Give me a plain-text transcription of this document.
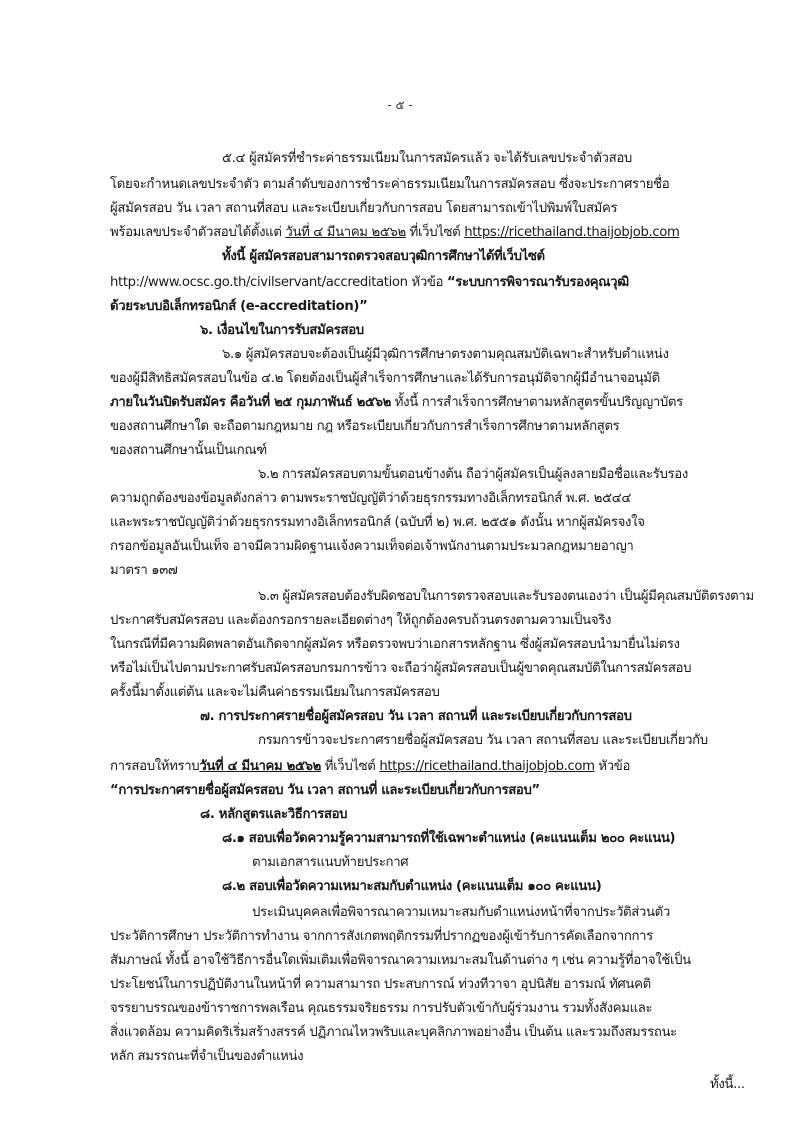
- ๕ -
๕.๔ ผู้สมัครที่ชำระค่าธรรมเนียมในการสมัครแล้ว จะได้รับเลขประจำตัวสอบ
โดยจะกำหนดเลขประจำตัว ตามลำดับของการชำระค่าธรรมเนียมในการสมัครสอบ ซึ่งจะประกาศรายชื่อ
ผู้สมัครสอบ วัน เวลา สถานที่สอบ และระเบียบเกี่ยวกับการสอบ โดยสามารถเข้าไปพิมพ์ใบสมัคร
พร้อมเลขประจำตัวสอบได้ตั้งแต่ วันที่ ๔ มีนาคม ๒๕๖๒ ที่เว็บไซต์ https://ricethailand.thaijobjob.com
ทั้งนี้ ผู้สมัครสอบสามารถตรวจสอบวุฒิการศึกษาได้ที่เว็บไซต์
http://www.ocsc.go.th/civilservant/accreditation หัวข้อ “ระบบการพิจารณารับรองคุณวุฒิ
ด้วยระบบอิเล็กทรอนิกส์ (e-accreditation)”
๖. เงื่อนไขในการรับสมัครสอบ
๖.๑ ผู้สมัครสอบจะต้องเป็นผู้มีวุฒิการศึกษาตรงตามคุณสมบัติเฉพาะสำหรับตำแหน่ง
ของผู้มีสิทธิสมัครสอบในข้อ ๔.๒ โดยต้องเป็นผู้สำเร็จการศึกษาและได้รับการอนุมัติจากผู้มีอำนาจอนุมัติ
ภายในวันปิดรับสมัคร คือวันที่ ๒๕ กุมภาพันธ์ ๒๕๖๒ ทั้งนี้ การสำเร็จการศึกษาตามหลักสูตรขั้นปริญญาบัตร
ของสถานศึกษาใด จะถือตามกฎหมาย กฎ หรือระเบียบเกี่ยวกับการสำเร็จการศึกษาตามหลักสูตร
ของสถานศึกษานั้นเป็นเกณฑ์
๖.๒ การสมัครสอบตามขั้นตอนข้างต้น ถือว่าผู้สมัครเป็นผู้ลงลายมือชื่อและรับรอง
ความถูกต้องของข้อมูลดังกล่าว ตามพระราชบัญญัติว่าด้วยธุรกรรมทางอิเล็กทรอนิกส์ พ.ศ. ๒๕๔๔
และพระราชบัญญัติว่าด้วยธุรกรรมทางอิเล็กทรอนิกส์ (ฉบับที่ ๒) พ.ศ. ๒๕๕๑ ดังนั้น หากผู้สมัครจงใจ
กรอกข้อมูลอันเป็นเท็จ อาจมีความผิดฐานแจ้งความเท็จต่อเจ้าพนักงานตามประมวลกฎหมายอาญา
มาตรา ๑๓๗
๖.๓ ผู้สมัครสอบต้องรับผิดชอบในการตรวจสอบและรับรองตนเองว่า เป็นผู้มีคุณสมบัติตรงตาม
ประกาศรับสมัครสอบ และต้องกรอกรายละเอียดต่างๆ ให้ถูกต้องครบถ้วนตรงตามความเป็นจริง
ในกรณีที่มีความผิดพลาดอันเกิดจากผู้สมัคร หรือตรวจพบว่าเอกสารหลักฐาน ซึ่งผู้สมัครสอบนำมายื่นไม่ตรง
หรือไม่เป็นไปตามประกาศรับสมัครสอบกรมการข้าว จะถือว่าผู้สมัครสอบเป็นผู้ขาดคุณสมบัติในการสมัครสอบ
ครั้งนี้มาตั้งแต่ต้น และจะไม่คืนค่าธรรมเนียมในการสมัครสอบ
๗. การประกาศรายชื่อผู้สมัครสอบ วัน เวลา สถานที่ และระเบียบเกี่ยวกับการสอบ
กรมการข้าวจะประกาศรายชื่อผู้สมัครสอบ วัน เวลา สถานที่สอบ และระเบียบเกี่ยวกับ
การสอบให้ทราบวันที่ ๔ มีนาคม ๒๕๖๒ ที่เว็บไซต์ https://ricethailand.thaijobjob.com หัวข้อ
“การประกาศรายชื่อผู้สมัครสอบ วัน เวลา สถานที่ และระเบียบเกี่ยวกับการสอบ”
๘. หลักสูตรและวิธีการสอบ
๘.๑ สอบเพื่อวัดความรู้ความสามารถที่ใช้เฉพาะตำแหน่ง (คะแนนเต็ม ๒๐๐ คะแนน)
ตามเอกสารแนบท้ายประกาศ
๘.๒ สอบเพื่อวัดความเหมาะสมกับตำแหน่ง (คะแนนเต็ม ๑๐๐ คะแนน)
ประเมินบุคคลเพื่อพิจารณาความเหมาะสมกับตำแหน่งหน้าที่จากประวัติส่วนตัว
ประวัติการศึกษา ประวัติการทำงาน จากการสังเกตพฤติกรรมที่ปรากฏของผู้เข้ารับการคัดเลือกจากการ
สัมภาษณ์ ทั้งนี้ อาจใช้วิธีการอื่นใดเพิ่มเติมเพื่อพิจารณาความเหมาะสมในด้านต่าง ๆ เช่น ความรู้ที่อาจใช้เป็น
ประโยชน์ในการปฏิบัติงานในหน้าที่ ความสามารถ ประสบการณ์ ท่วงทีวาจา อุปนิสัย อารมณ์ ทัศนคติ
จรรยาบรรณของข้าราชการพลเรือน คุณธรรมจริยธรรม การปรับตัวเข้ากับผู้ร่วมงาน รวมทั้งสังคมและ
สิ่งแวดล้อม ความคิดริเริ่มสร้างสรรค์ ปฏิภาณไหวพริบและบุคลิกภาพอย่างอื่น เป็นต้น และรวมถึงสมรรถนะ
หลัก สมรรถนะที่จำเป็นของตำแหน่ง
ทั้งนี้...
